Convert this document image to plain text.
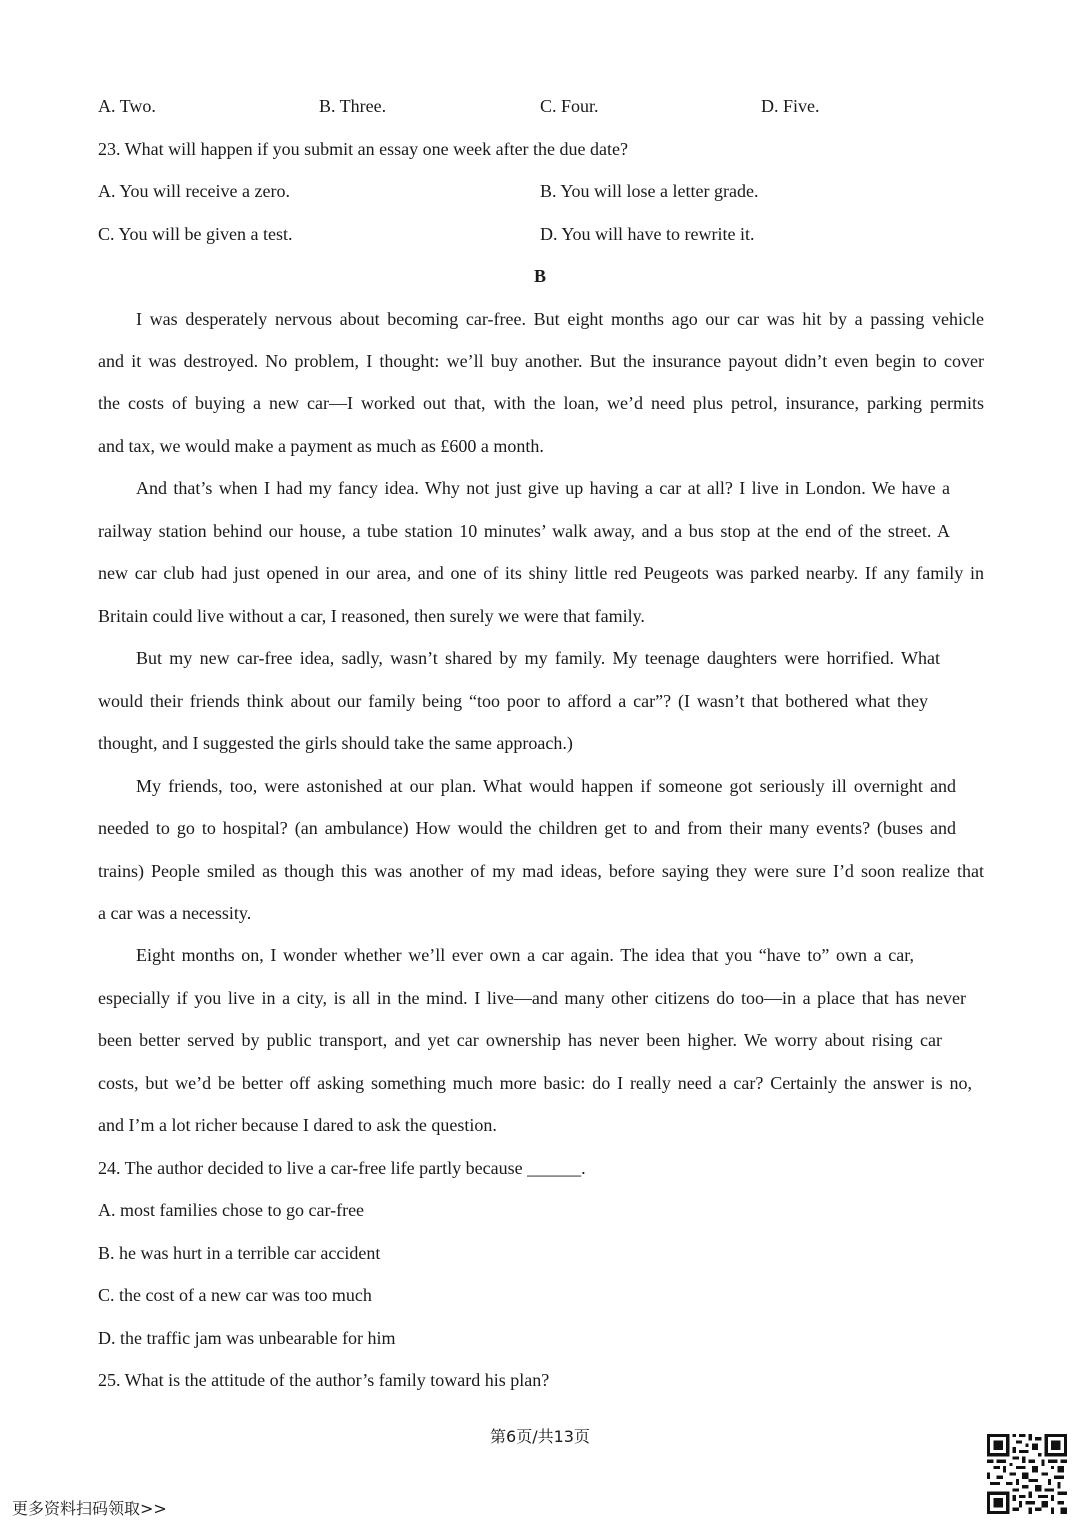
A. Two.	B. Three.	C. Four.	D. Five.
23. What will happen if you submit an essay one week after the due date?
A. You will receive a zero.	B. You will lose a letter grade.
C. You will be given a test.	D. You will have to rewrite it.
B
I was desperately nervous about becoming car-free. But eight months ago our car was hit by a passing vehicle
and it was destroyed. No problem, I thought: we’ll buy another. But the insurance payout didn’t even begin to cover
the costs of buying a new car—I worked out that, with the loan, we’d need plus petrol, insurance, parking permits
and tax, we would make a payment as much as £600 a month.
And that’s when I had my fancy idea. Why not just give up having a car at all? I live in London. We have a
railway station behind our house, a tube station 10 minutes’ walk away, and a bus stop at the end of the street. A
new car club had just opened in our area, and one of its shiny little red Peugeots was parked nearby. If any family in
Britain could live without a car, I reasoned, then surely we were that family.
But my new car-free idea, sadly, wasn’t shared by my family. My teenage daughters were horrified. What
would their friends think about our family being “too poor to afford a car”? (I wasn’t that bothered what they
thought, and I suggested the girls should take the same approach.)
My friends, too, were astonished at our plan. What would happen if someone got seriously ill overnight and
needed to go to hospital? (an ambulance) How would the children get to and from their many events? (buses and
trains) People smiled as though this was another of my mad ideas, before saying they were sure I’d soon realize that
a car was a necessity.
Eight months on, I wonder whether we’ll ever own a car again. The idea that you “have to” own a car,
especially if you live in a city, is all in the mind. I live—and many other citizens do too—in a place that has never
been better served by public transport, and yet car ownership has never been higher. We worry about rising car
costs, but we’d be better off asking something much more basic: do I really need a car? Certainly the answer is no,
and I’m a lot richer because I dared to ask the question.
24. The author decided to live a car-free life partly because ______.
A. most families chose to go car-free
B. he was hurt in a terrible car accident
C. the cost of a new car was too much
D. the traffic jam was unbearable for him
25. What is the attitude of the author’s family toward his plan?
第6页/共13页
更多资料扫码领取>>
